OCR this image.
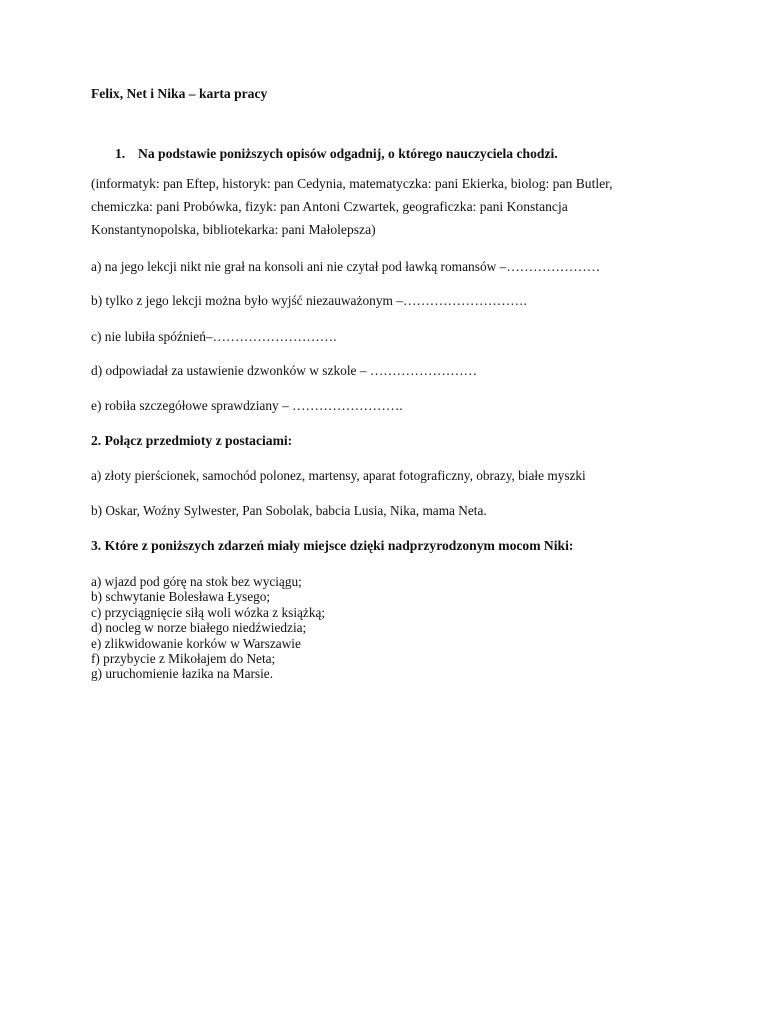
Felix, Net i Nika – karta pracy
1. Na podstawie poniższych opisów odgadnij, o którego nauczyciela chodzi.
(informatyk: pan Eftep, historyk: pan Cedynia, matematyczka: pani Ekierka, biolog: pan Butler,
chemiczka: pani Probówka, fizyk: pan Antoni Czwartek, geograficzka: pani Konstancja
Konstantynopolska, bibliotekarka: pani Małolepsza)
a) na jego lekcji nikt nie grał na konsoli ani nie czytał pod ławką romansów –…………………
b) tylko z jego lekcji można było wyjść niezauważonym –……………………….
c) nie lubiła spóźnień–……………………….
d) odpowiadał za ustawienie dzwonków w szkole – ……………………
e) robiła szczegółowe sprawdziany – …………………….
2. Połącz przedmioty z postaciami:
a) złoty pierścionek, samochód polonez, martensy, aparat fotograficzny, obrazy, białe myszki
b) Oskar, Woźny Sylwester, Pan Sobolak, babcia Lusia, Nika, mama Neta.
3. Które z poniższych zdarzeń miały miejsce dzięki nadprzyrodzonym mocom Niki:
a) wjazd pod górę na stok bez wyciągu;
b) schwytanie Bolesława Łysego;
c) przyciągnięcie siłą woli wózka z książką;
d) nocleg w norze białego niedźwiedzia;
e) zlikwidowanie korków w Warszawie
f) przybycie z Mikołajem do Neta;
g) uruchomienie łazika na Marsie.
